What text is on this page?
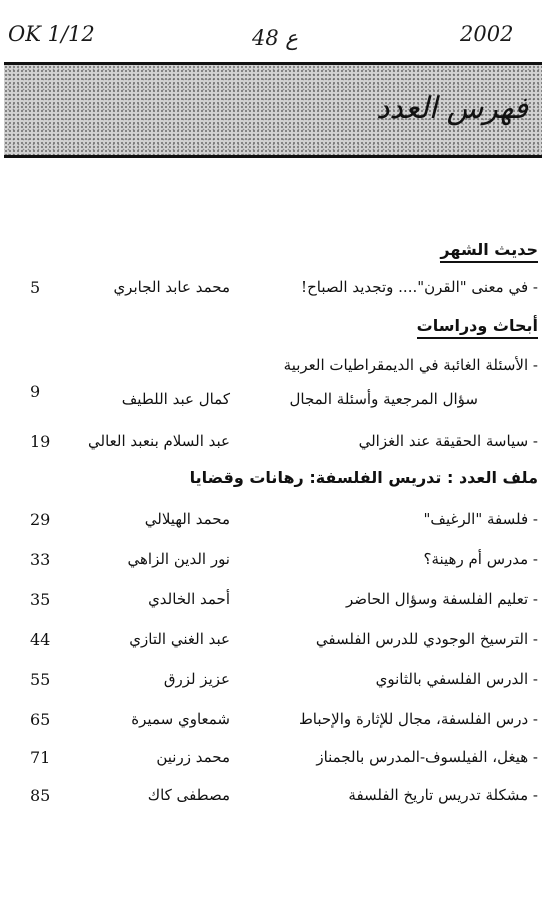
OK 1/12	48 ع	2002
فهرس العدد
حديث الشهر
- في معنى "القرن".... وتجديد الصباح!
محمد عابد الجابري
5
أبحاث ودراسات
- الأسئلة الغائبة في الديمقراطيات العربية
سؤال المرجعية وأسئلة المجال
كمال عبد اللطيف
9
- سياسة الحقيقة عند الغزالي
عبد السلام بنعبد العالي
19
ملف العدد : تدريس الفلسفة: رهانات وقضايا
- فلسفة "الرغيف"
محمد الهيلالي
29
- مدرس أم رهينة؟
نور الدين الزاهي
33
- تعليم الفلسفة وسؤال الحاضر
أحمد الخالدي
35
- الترسيخ الوجودي للدرس الفلسفي
عبد الغني التازي
44
- الدرس الفلسفي بالثانوي
عزيز لزرق
55
- درس الفلسفة، مجال للإثارة والإحباط
شمعاوي سميرة
65
- هيغل، الفيلسوف-المدرس بالجمناز
محمد زرنين
71
- مشكلة تدريس تاريخ الفلسفة
مصطفى كاك
85
